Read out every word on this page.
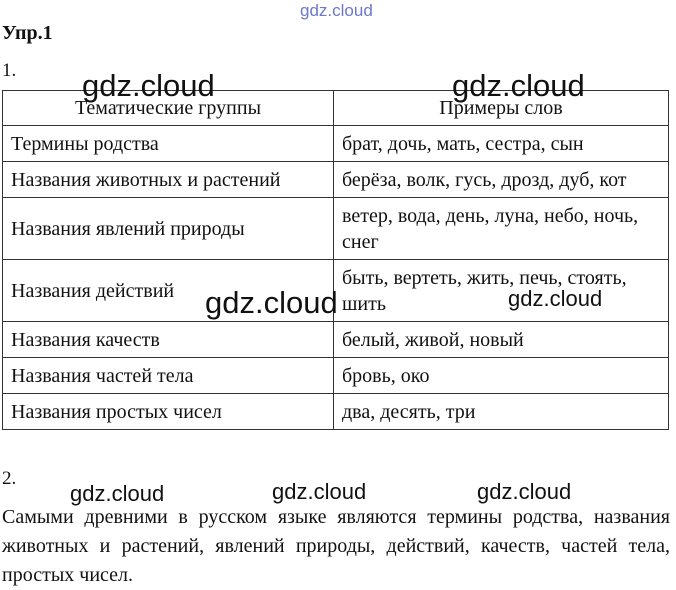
gdz.cloud
Упр.1
1.
Тематические группы	Примеры слов
Термины родства	брат, дочь, мать, сестра, сын
Названия животных и растений	берёза, волк, гусь, дрозд, дуб, кот
Названия явлений природы	ветер, вода, день, луна, небо, ночь, снег
Названия действий	быть, вертеть, жить, печь, стоять, шить
Названия качеств	белый, живой, новый
Названия частей тела	бровь, око
Названия простых чисел	два, десять, три
2.
Самыми древними в русском языке являются термины родства, названия животных и растений, явлений природы, действий, качеств, частей тела, простых чисел.
gdz.cloud	gdz.cloud
gdz.cloud	gdz.cloud
gdz.cloud	gdz.cloud	gdz.cloud
